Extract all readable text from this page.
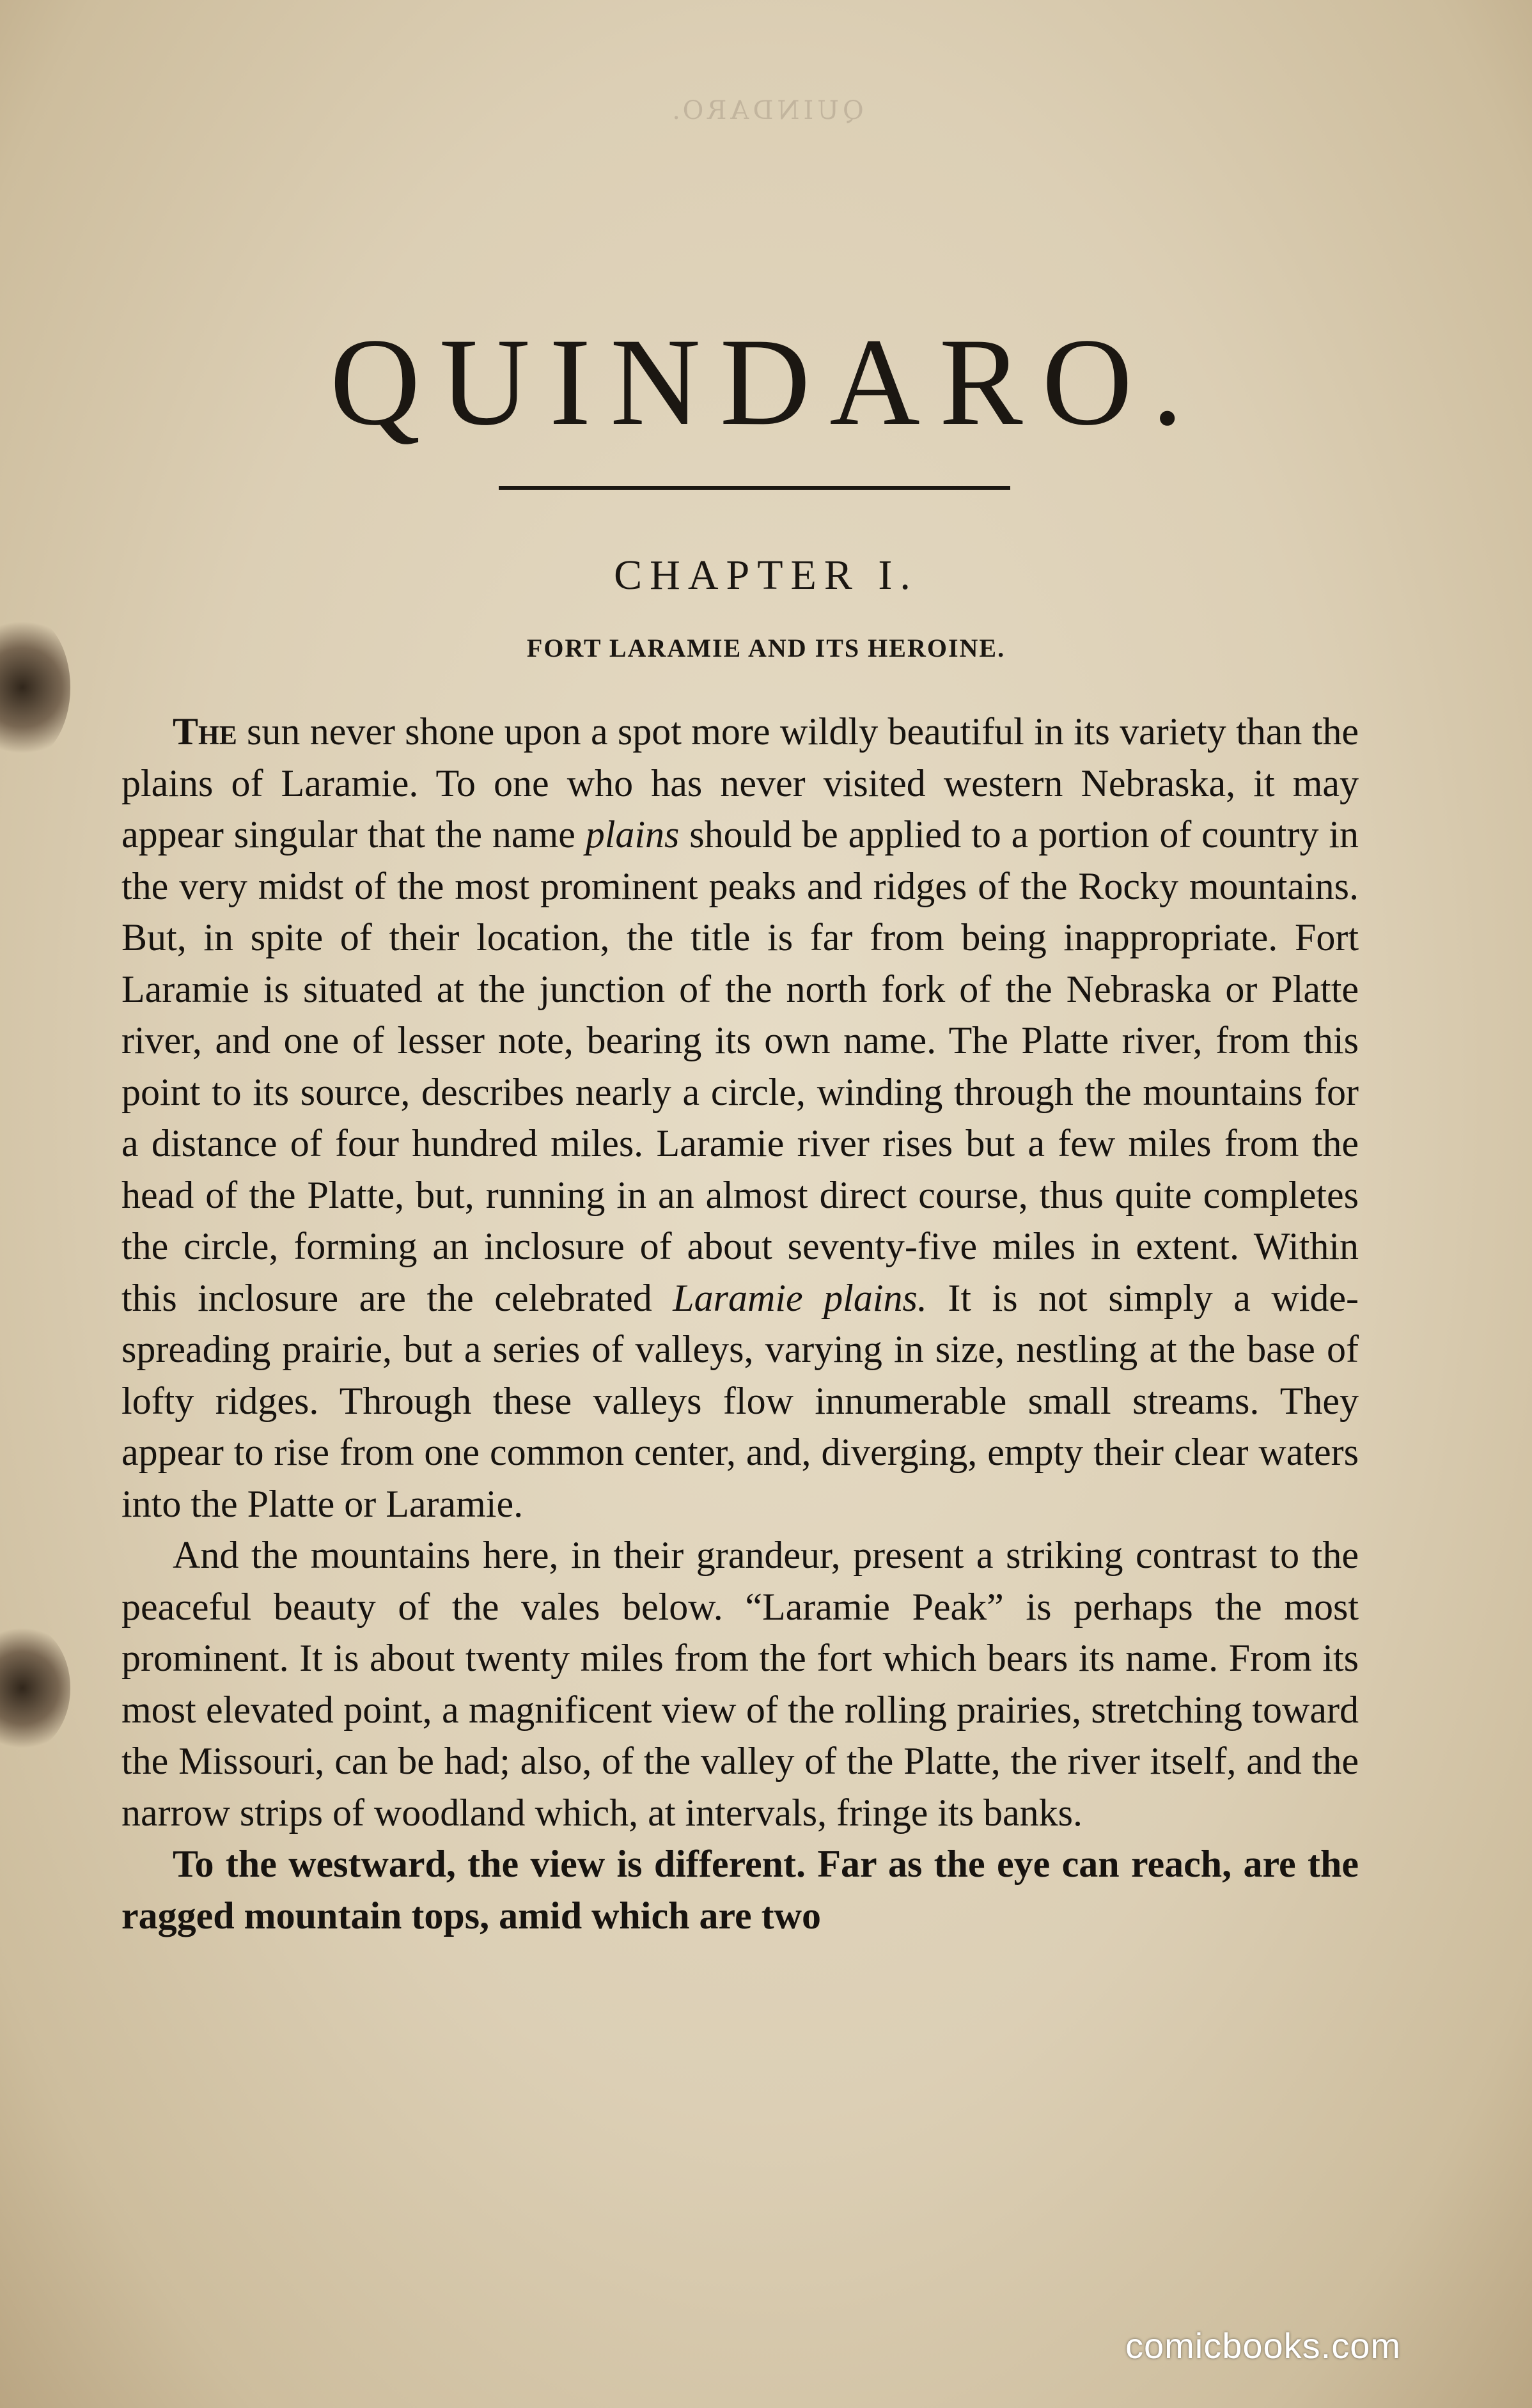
QUINDARO.
QUINDARO.
CHAPTER I.
FORT LARAMIE AND ITS HEROINE.

The sun never shone upon a spot more wildly beautiful in its variety than the plains of Laramie. To one who has never visited western Nebraska, it may appear singular that the name plains should be applied to a portion of country in the very midst of the most prominent peaks and ridges of the Rocky mountains. But, in spite of their location, the title is far from being inappropriate. Fort Laramie is situated at the junction of the north fork of the Nebraska or Platte river, and one of lesser note, bearing its own name. The Platte river, from this point to its source, describes nearly a circle, winding through the mountains for a distance of four hundred miles. Laramie river rises but a few miles from the head of the Platte, but, running in an almost direct course, thus quite completes the circle, forming an inclosure of about seventy-five miles in extent. Within this inclosure are the celebrated Laramie plains. It is not simply a wide-spreading prairie, but a series of valleys, varying in size, nestling at the base of lofty ridges. Through these valleys flow innumerable small streams. They appear to rise from one common center, and, diverging, empty their clear waters into the Platte or Laramie.

And the mountains here, in their grandeur, present a striking contrast to the peaceful beauty of the vales below. “Laramie Peak” is perhaps the most prominent. It is about twenty miles from the fort which bears its name. From its most elevated point, a magnificent view of the rolling prairies, stretching toward the Missouri, can be had; also, of the valley of the Platte, the river itself, and the narrow strips of woodland which, at intervals, fringe its banks.

To the westward, the view is different. Far as the eye can reach, are the ragged mountain tops, amid which are two

comicbooks.com
